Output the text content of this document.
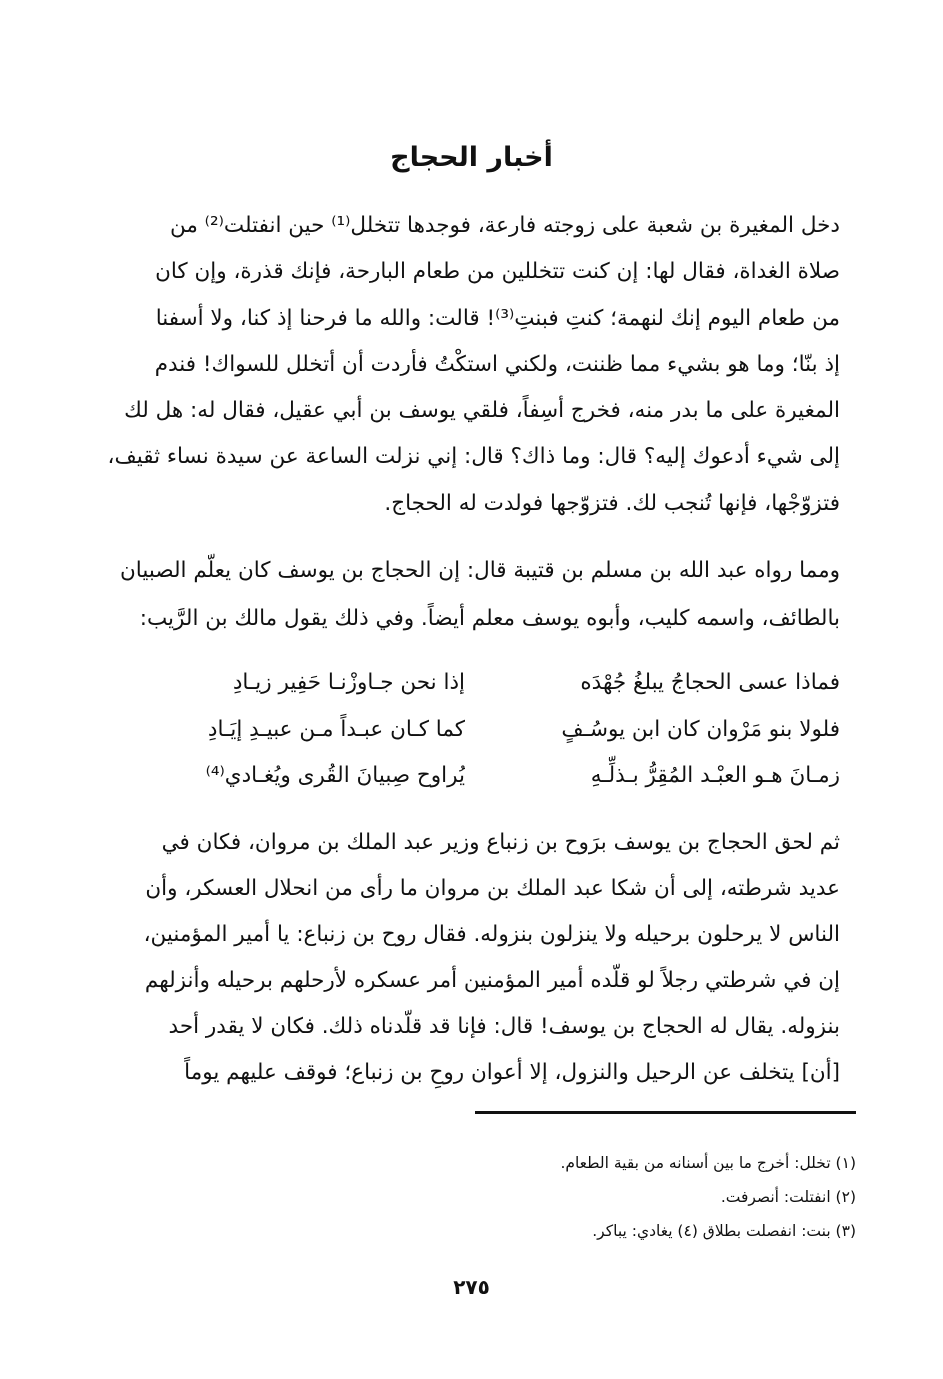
أخبار الحجاج
دخل المغيرة بن شعبة على زوجته فارعة، فوجدها تتخلل⁽¹⁾ حين انفتلت⁽²⁾ من
صلاة الغداة، فقال لها: إن كنت تتخللين من طعام البارحة، فإنك قذرة، وإن كان
من طعام اليوم إنك لنهمة؛ كنتِ فبنتِ⁽³⁾! قالت: والله ما فرحنا إذ كنا، ولا أسفنا
إذ بنّا؛ وما هو بشيء مما ظننت، ولكني استكْتُ فأردت أن أتخلل للسواك! فندم
المغيرة على ما بدر منه، فخرج أسِفاً، فلقي يوسف بن أبي عقيل، فقال له: هل لك
إلى شيء أدعوك إليه؟ قال: وما ذاك؟ قال: إني نزلت الساعة عن سيدة نساء ثقيف،
فتزوّجْها، فإنها تُنجب لك. فتزوّجها فولدت له الحجاج.
ومما رواه عبد الله بن مسلم بن قتيبة قال: إن الحجاج بن يوسف كان يعلّم الصبيان
بالطائف، واسمه كليب، وأبوه يوسف معلم أيضاً. وفي ذلك يقول مالك بن الرَّيب:
فماذا عسى الحجاجُ يبلغُ جُهْدَه
إذا نحن جـاوزْنـا حَفِير زيـادِ
فلولا بنو مَرْوان كان ابن يوسُـفٍ
كما كـان عبـداً مـن عبيـدِ إيَـادِ
زمـانَ هـو العبْـد المُقِرُّ بـذلِّـهِ
يُراوح صِبيانَ القُرى ويُغـادي⁽⁴⁾
ثم لحق الحجاج بن يوسف برَوح بن زنباع وزير عبد الملك بن مروان، فكان في
عديد شرطته، إلى أن شكا عبد الملك بن مروان ما رأى من انحلال العسكر، وأن
الناس لا يرحلون برحيله ولا ينزلون بنزوله. فقال روح بن زنباع: يا أمير المؤمنين،
إن في شرطتي رجلاً لو قلّده أمير المؤمنين أمر عسكره لأرحلهم برحيله وأنزلهم
بنزوله. يقال له الحجاج بن يوسف! قال: فإنا قد قلّدناه ذلك. فكان لا يقدر أحد
[أن] يتخلف عن الرحيل والنزول، إلا أعوان روحِ بن زنباع؛ فوقف عليهم يوماً
(١) تخلل: أخرج ما بين أسنانه من بقية الطعام.
(٢) انفتلت: أنصرفت.
(٣) بنت: انفصلت بطلاق (٤) يغادي: يباكر.
٢٧٥
